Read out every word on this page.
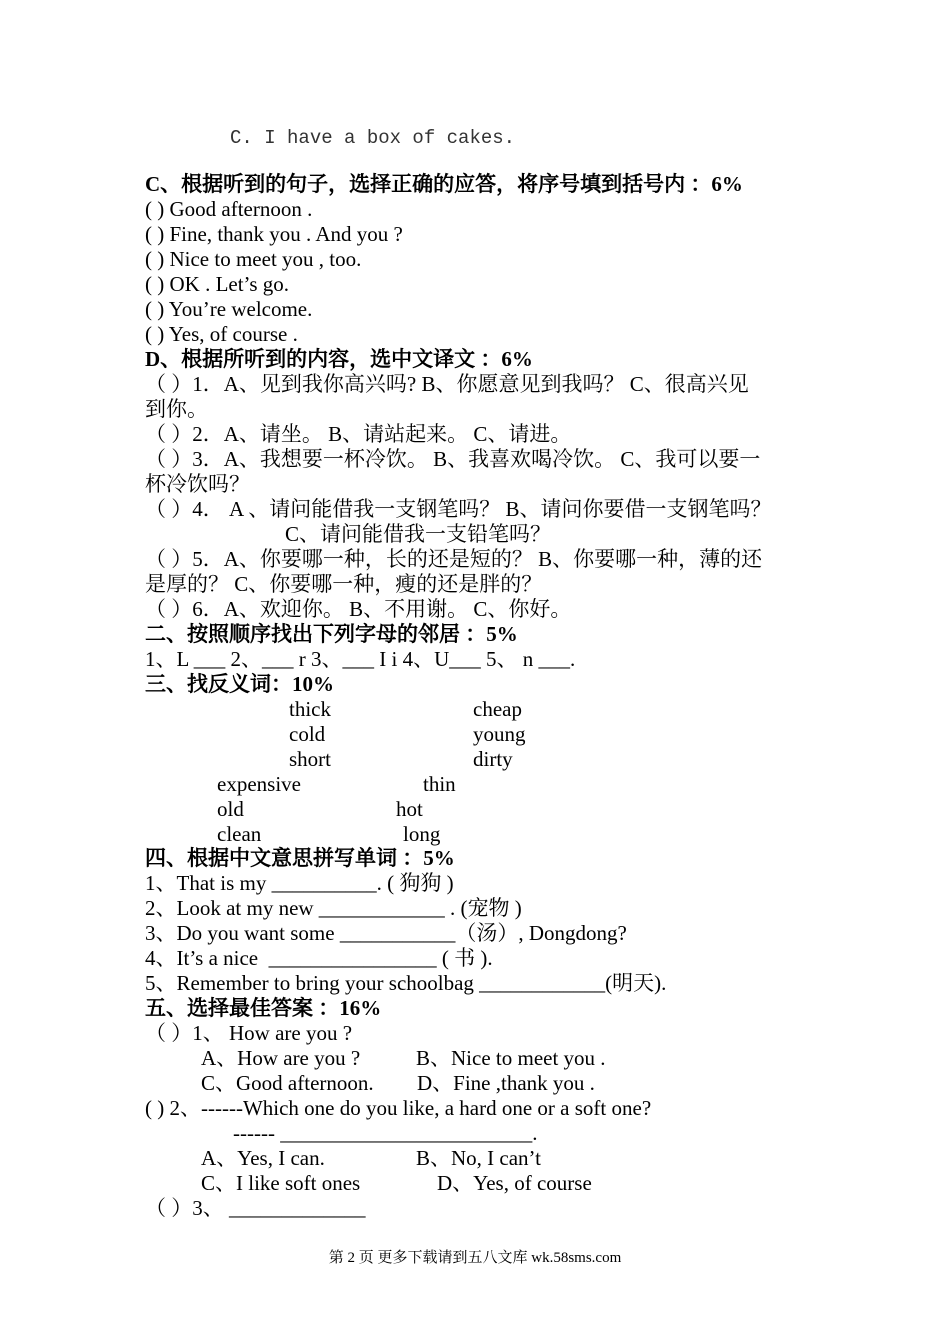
C. I have a box of cakes.
C、根据听到的句子，选择正确的应答，将序号填到括号内 ：6%
( ) Good afternoon .
( ) Fine, thank you . And you ?
( ) Nice to meet you , too.
( ) OK . Let’s go.
( ) You’re welcome.
( ) Yes, of course .
D、根据所听到的内容，选中文译文 ：6%
（ ）1．A、见到我你高兴吗? B、你愿意见到我吗？ C、很高兴见
到你。
（ ）2．A、请坐。 B、请站起来。 C、请进。
（ ）3．A、我想要一杯冷饮。 B、我喜欢喝冷饮。 C、我可以要一
杯冷饮吗？
（ ）4． A 、请问能借我一支钢笔吗？ B、请问你要借一支钢笔吗？
C、请问能借我一支铅笔吗？
（ ）5．A、你要哪一种，长的还是短的？ B、你要哪一种，薄的还
是厚的？ C、你要哪一种，瘦的还是胖的？
（ ）6．A、欢迎你。 B、不用谢。 C、你好。
二、按照顺序找出下列字母的邻居 ：5%
1、L ___ 2、___ r 3、___ I i 4、U___ 5、 n ___.
三、找反义词：10%
thick	cheap
cold	young
short	dirty
expensive	thin
old	hot
clean	long
四、根据中文意思拼写单词 ：5%
1、That is my __________. ( 狗狗 )
2、Look at my new ____________ . (宠物 )
3、Do you want some ___________（汤）, Dongdong?
4、It’s a nice  ________________ ( 书 ).
5、Remember to bring your schoolbag ____________(明天).
五、选择最佳答案 ：16%
（ ）1、 How are you ?
A、How are you ?	B、Nice to meet you .
C、Good afternoon. D、Fine ,thank you .
( ) 2、------Which one do you like, a hard one or a soft one?
------ ________________________.
A、Yes, I can.	B、No, I can’t
C、I like soft ones	D、Yes, of course
（ ）3、 _____________
第 2 页 更多下载请到五八文库 wk.58sms.com
